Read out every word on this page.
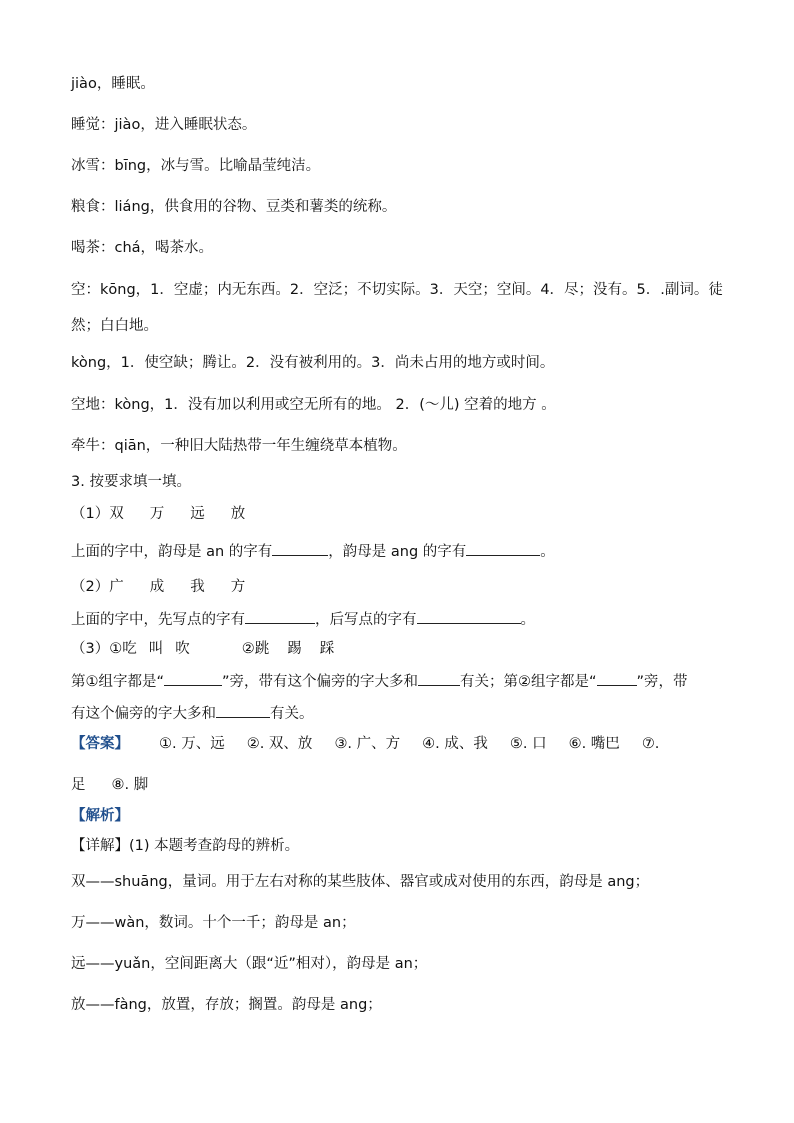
jiào，睡眠。
睡觉：jiào，进入睡眠状态。
冰雪：bīng，冰与雪。比喻晶莹纯洁。
粮食：liáng，供食用的谷物、豆类和薯类的统称。
喝茶：chá，喝茶水。
空：kōng，1．空虚；内无东西。2．空泛；不切实际。3．天空；空间。4．尽；没有。5．.副词。徒
然；白白地。
kòng，1．使空缺；腾让。2．没有被利用的。3．尚未占用的地方或时间。
空地：kòng，1．没有加以利用或空无所有的地。 2．(～儿) 空着的地方 。
牵牛：qiān，一种旧大陆热带一年生缠绕草本植物。
3. 按要求填一填。
（1）双 万 远 放
上面的字中，韵母是 an 的字有	，韵母是 ang 的字有	。
（2）广 成 我 方
上面的字中，先写点的字有	，后写点的字有	。
（3）①吃 叫 吹	②跳 踢 踩
第①组字都是“	”旁，带有这个偏旁的字大多和	有关；第②组字都是“	”旁，带
有这个偏旁的字大多和	有关。
【答案】 ①. 万、远 ②. 双、放 ③. 广、方 ④. 成、我 ⑤. 口 ⑥. 嘴巴 ⑦.
足 ⑧. 脚
【解析】
【详解】(1) 本题考查韵母的辨析。
双——shuāng，量词。用于左右对称的某些肢体、器官或成对使用的东西，韵母是 ang；
万——wàn，数词。十个一千；韵母是 an；
远——yuǎn，空间距离大（跟“近”相对），韵母是 an；
放——fàng，放置，存放；搁置。韵母是 ang；
